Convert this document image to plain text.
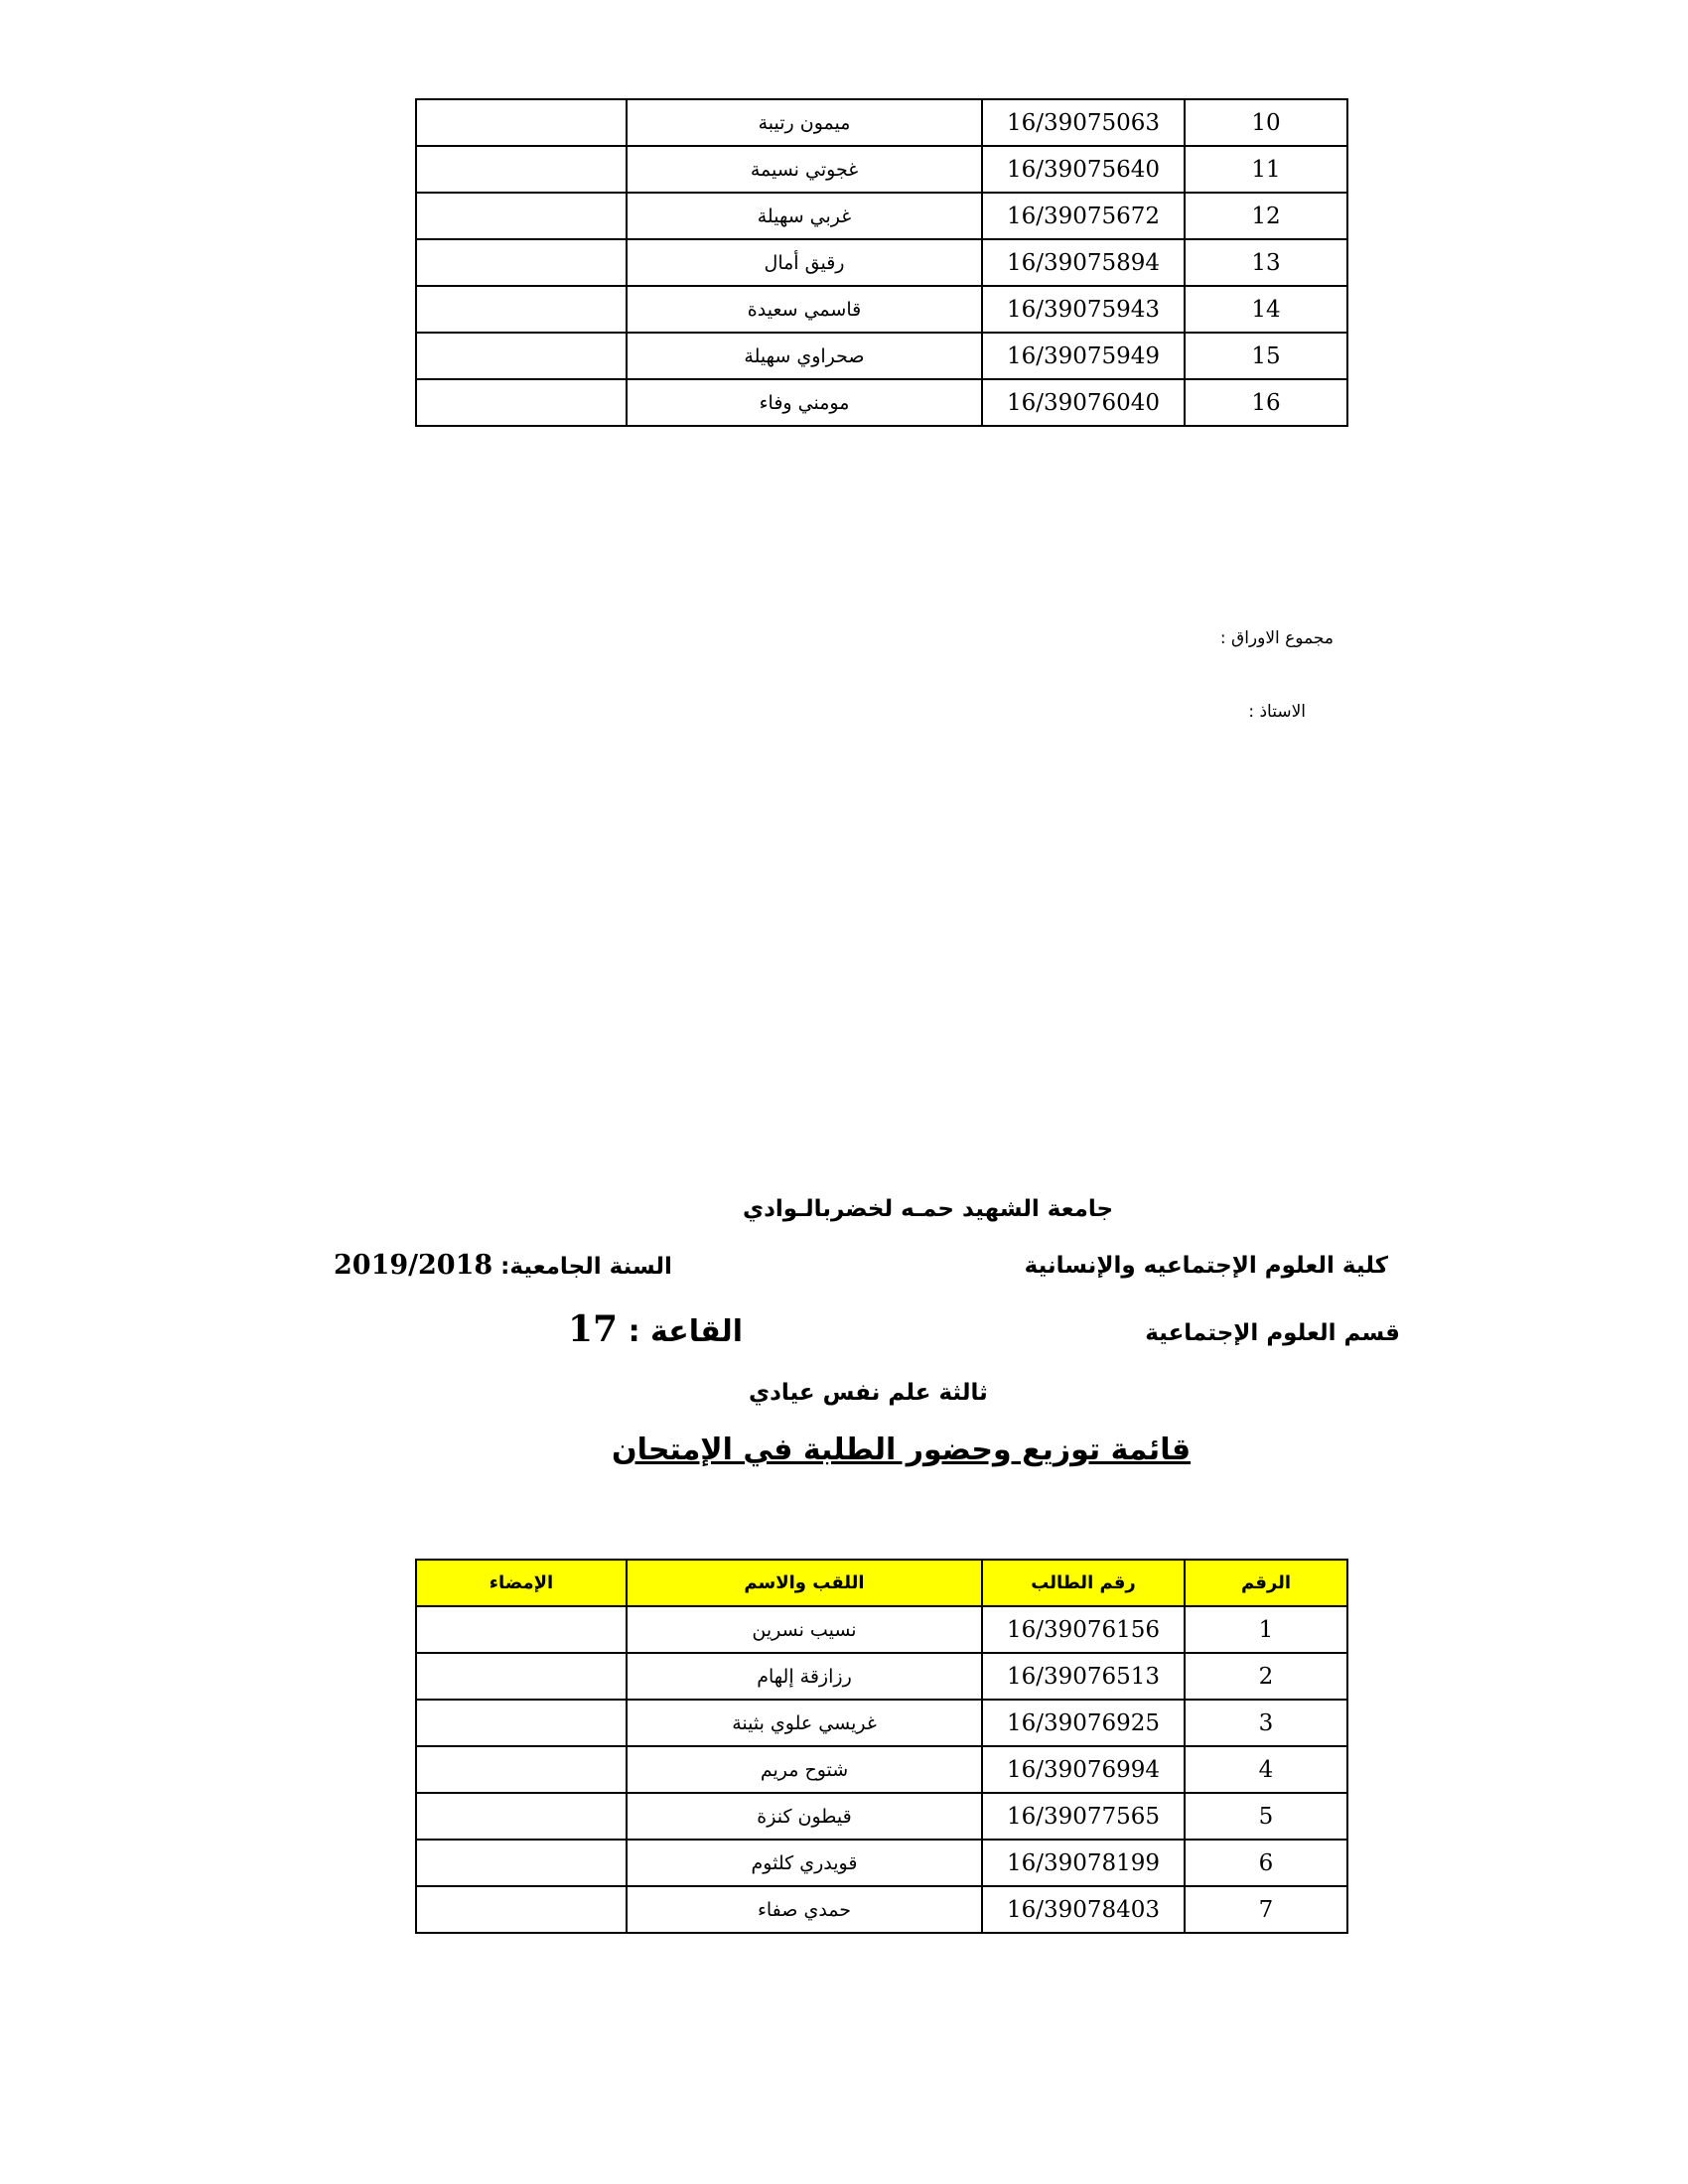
	ميمون رتيبة	16/39075063	10
	غجوتي نسيمة	16/39075640	11
	غربي سهيلة	16/39075672	12
	رقيق أمال	16/39075894	13
	قاسمي سعيدة	16/39075943	14
	صحراوي سهيلة	16/39075949	15
	مومني وفاء	16/39076040	16
مجموع الاوراق :
الاستاذ :
جامعة الشهيد حمـه لخضربالـوادي
كلية العلوم الإجتماعيه والإنسانية
السنة الجامعية: 2019/2018
قسم العلوم الإجتماعية
القاعة : 17
ثالثة علم نفس عيادي
قائمة توزيع وحضور الطلبة في الإمتحان
الإمضاء	اللقب والاسم	رقم الطالب	الرقم
	نسيب نسرين	16/39076156	1
	رزازقة إلهام	16/39076513	2
	غريسي علوي بثينة	16/39076925	3
	شتوح مريم	16/39076994	4
	قيطون كنزة	16/39077565	5
	قويدري كلثوم	16/39078199	6
	حمدي صفاء	16/39078403	7
